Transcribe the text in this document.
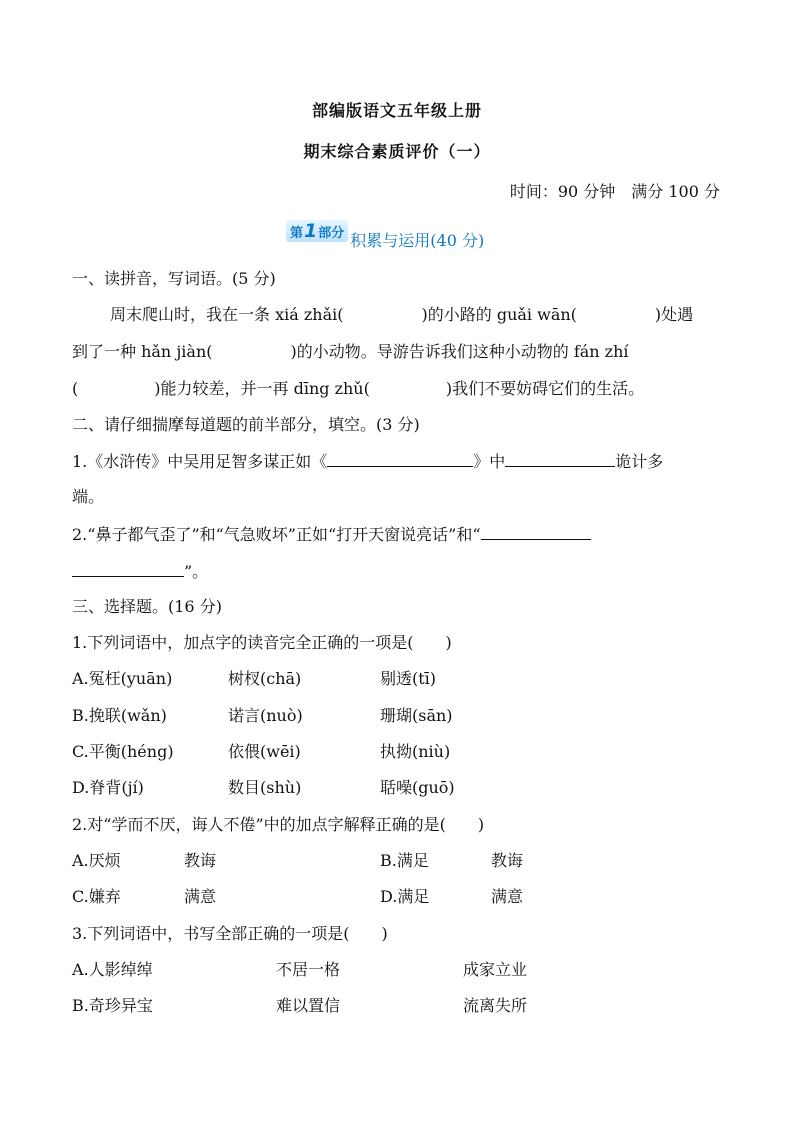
部编版语文五年级上册
期末综合素质评价（一）
时间：90 分钟　满分 100 分
第1部分 积累与运用(40 分)
一、读拼音，写词语。(5 分)
周末爬山时，我在一条 xiá zhǎi(	)的小路的 guǎi wān(	)处遇
到了一种 hǎn jiàn(	)的小动物。导游告诉我们这种小动物的 fán zhí
(	)能力较差，并一再 dīng zhǔ(	)我们不要妨碍它们的生活。
二、请仔细揣摩每道题的前半部分，填空。(3 分)
1.《水浒传》中吴用足智多谋正如《	》中	诡计多
端。
2.“鼻子都气歪了”和“气急败坏”正如“打开天窗说亮话”和“
”。
三、选择题。(16 分)
1.下列词语中，加点字的读音完全正确的一项是(　　)
A.冤枉(yuān)	树杈(chā)	剔透(tī)
B.挽联(wǎn)	诺言(nuò)	珊瑚(sān)
C.平衡(héng)	依偎(wēi)	执拗(niù)
D.脊背(jí)	数目(shù)	聒噪(guō)
2.对“学而不厌，诲人不倦”中的加点字解释正确的是(　　)
A.厌烦	教诲	B.满足	教诲
C.嫌弃	满意	D.满足	满意
3.下列词语中，书写全部正确的一项是(　　)
A.人影绰绰	不居一格	成家立业
B.奇珍异宝	难以置信	流离失所
